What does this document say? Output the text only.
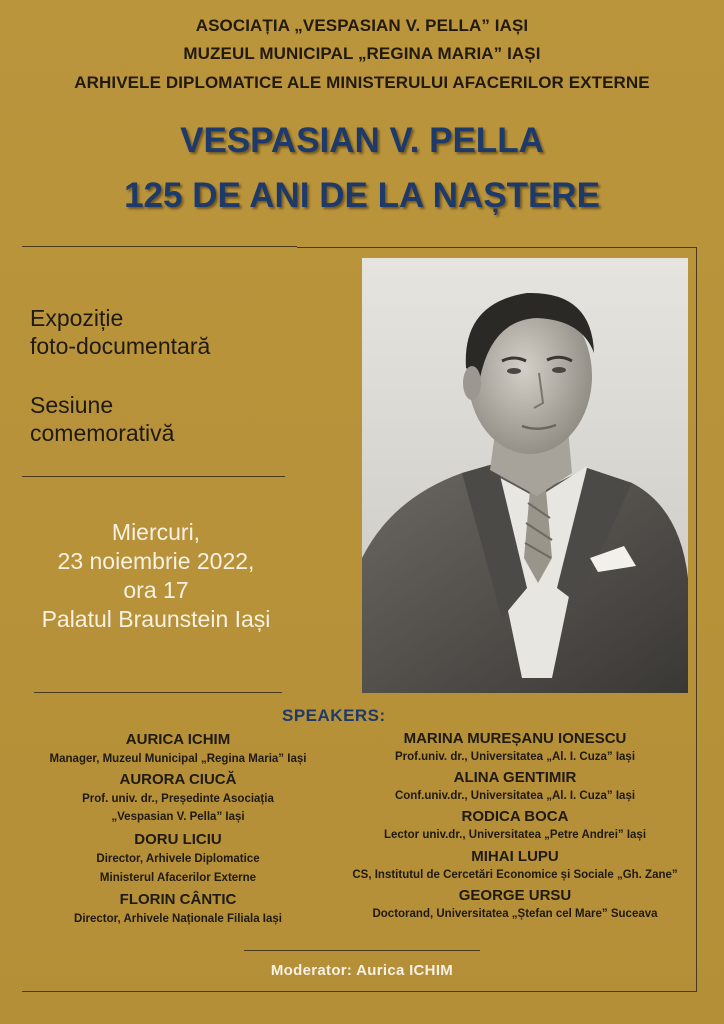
ASOCIAȚIA „VESPASIAN V. PELLA” IAȘI
MUZEUL MUNICIPAL „REGINA MARIA” IAȘI
ARHIVELE DIPLOMATICE ALE MINISTERULUI AFACERILOR EXTERNE
VESPASIAN V. PELLA
125 DE ANI DE LA NAȘTERE
Expoziție
foto-documentară
Sesiune
comemorativă
Miercuri,
23 noiembrie 2022,
ora 17
Palatul Braunstein Iași
SPEAKERS:
AURICA ICHIM
Manager, Muzeul Municipal „Regina Maria” Iași
AURORA CIUCĂ
Prof. univ. dr., Președinte Asociația
„Vespasian V. Pella” Iași
DORU LICIU
Director, Arhivele Diplomatice
Ministerul Afacerilor Externe
FLORIN CÂNTIC
Director, Arhivele Naționale Filiala Iași
MARINA MUREȘANU IONESCU
Prof.univ. dr., Universitatea „Al. I. Cuza” Iași
ALINA GENTIMIR
Conf.univ.dr., Universitatea „Al. I. Cuza” Iași
RODICA BOCA
Lector univ.dr., Universitatea „Petre Andrei” Iași
MIHAI LUPU
CS, Institutul de Cercetări Economice și Sociale „Gh. Zane”
GEORGE URSU
Doctorand, Universitatea „Ștefan cel Mare” Suceava
Moderator: Aurica ICHIM
